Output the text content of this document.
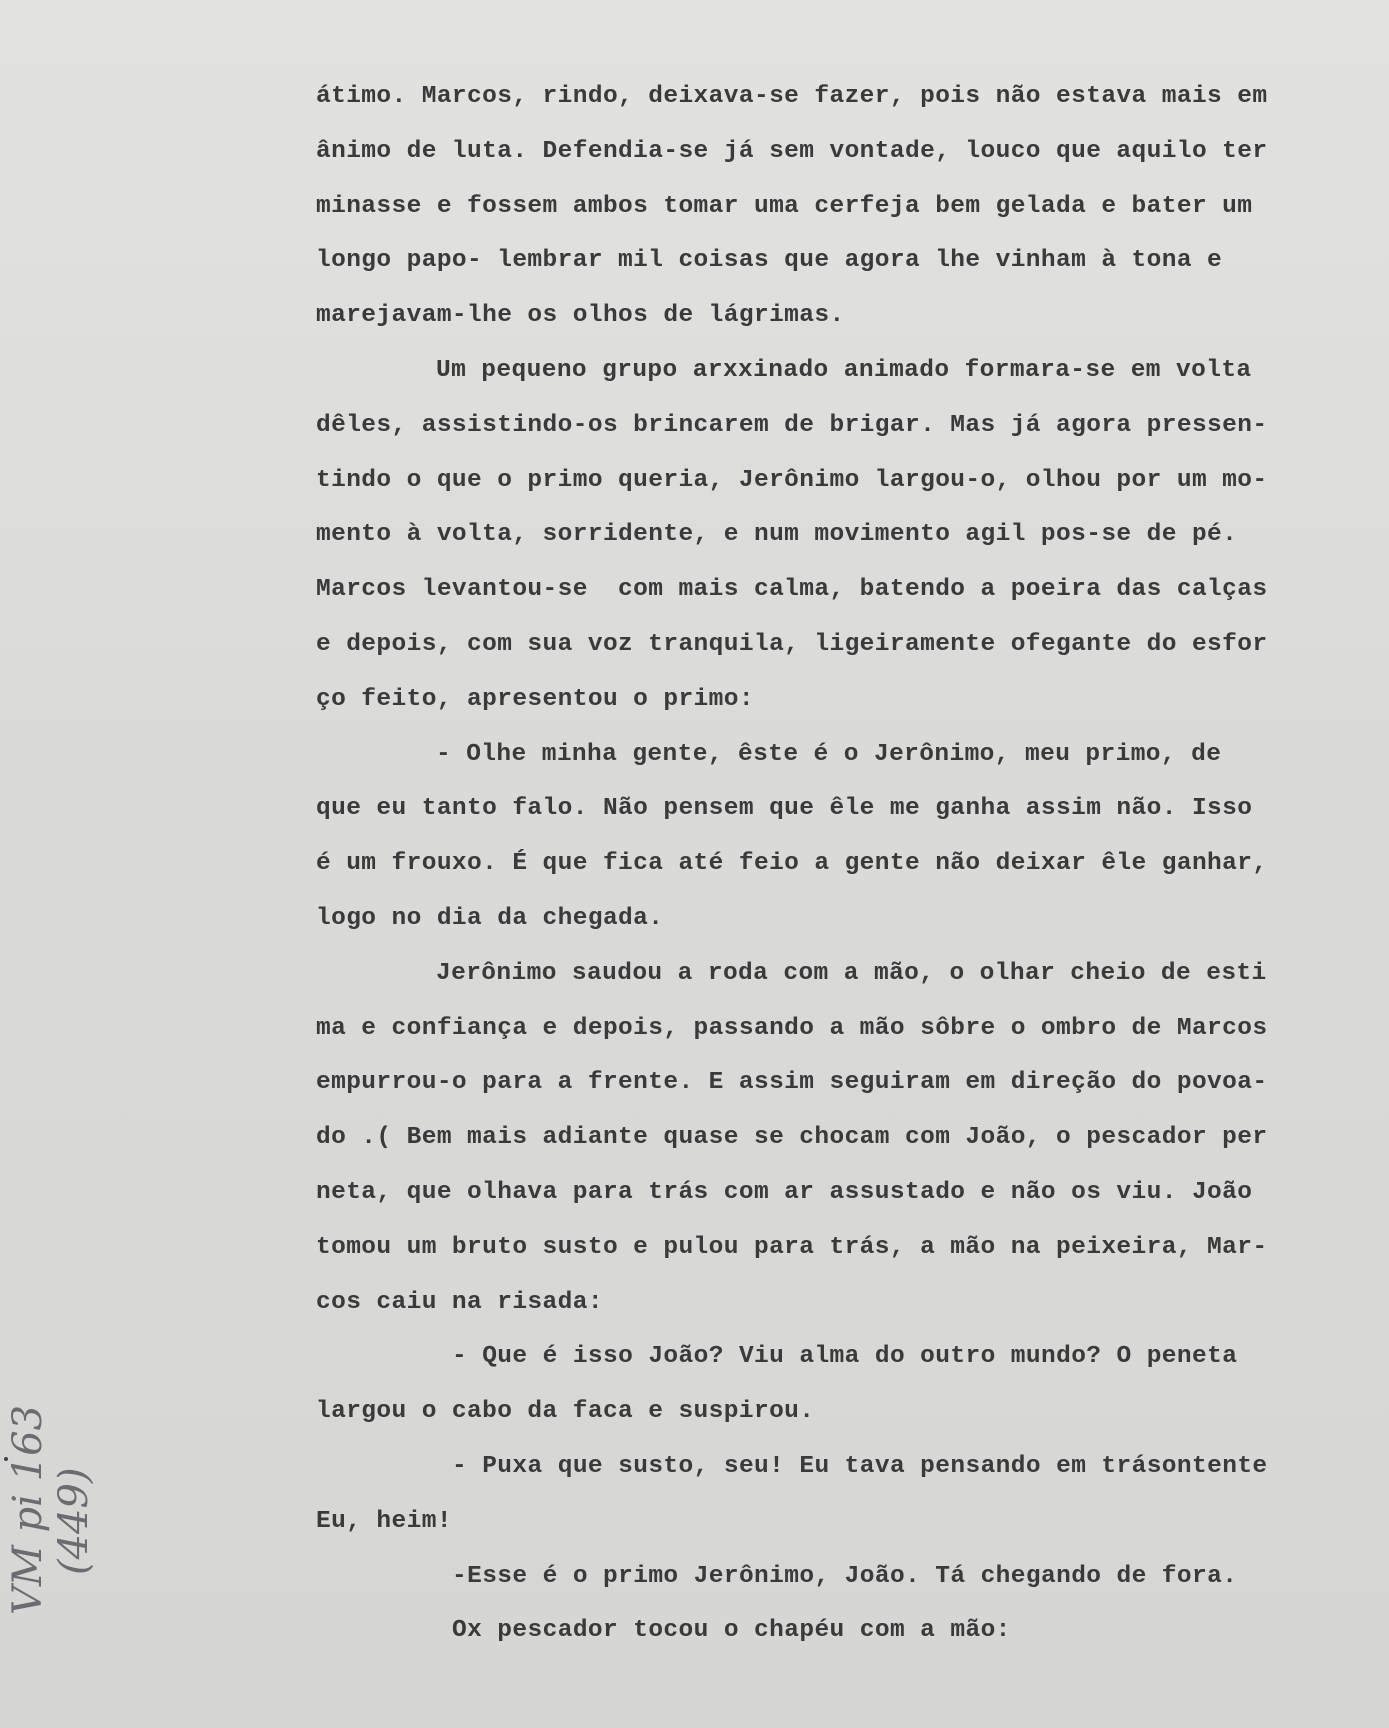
átimo. Marcos, rindo, deixava-se fazer, pois não estava mais em

ânimo de luta. Defendia-se já sem vontade, louco que aquilo ter

minasse e fossem ambos tomar uma cerfeja bem gelada e bater um

longo papo- lembrar mil coisas que agora lhe vinham à tona e

marejavam-lhe os olhos de lágrimas.

Um pequeno grupo arxxinado animado formara-se em volta

dêles, assistindo-os brincarem de brigar. Mas já agora pressen-

tindo o que o primo queria, Jerônimo largou-o, olhou por um mo-

mento à volta, sorridente, e num movimento agil pos-se de pé.

Marcos levantou-se  com mais calma, batendo a poeira das calças

e depois, com sua voz tranquila, ligeiramente ofegante do esfor

ço feito, apresentou o primo:

- Olhe minha gente, êste é o Jerônimo, meu primo, de

que eu tanto falo. Não pensem que êle me ganha assim não. Isso

é um frouxo. É que fica até feio a gente não deixar êle ganhar,

logo no dia da chegada.

Jerônimo saudou a roda com a mão, o olhar cheio de esti

ma e confiança e depois, passando a mão sôbre o ombro de Marcos

empurrou-o para a frente. E assim seguiram em direção do povoa-

do .( Bem mais adiante quase se chocam com João, o pescador per

neta, que olhava para trás com ar assustado e não os viu. João

tomou um bruto susto e pulou para trás, a mão na peixeira, Mar-

cos caiu na risada:

- Que é isso João? Viu alma do outro mundo? O peneta

largou o cabo da faca e suspirou.

- Puxa que susto, seu! Eu tava pensando em trásontente

Eu, heim!

-Esse é o primo Jerônimo, João. Tá chegando de fora.

Ox pescador tocou o chapéu com a mão:

VM pi 163 (449)
